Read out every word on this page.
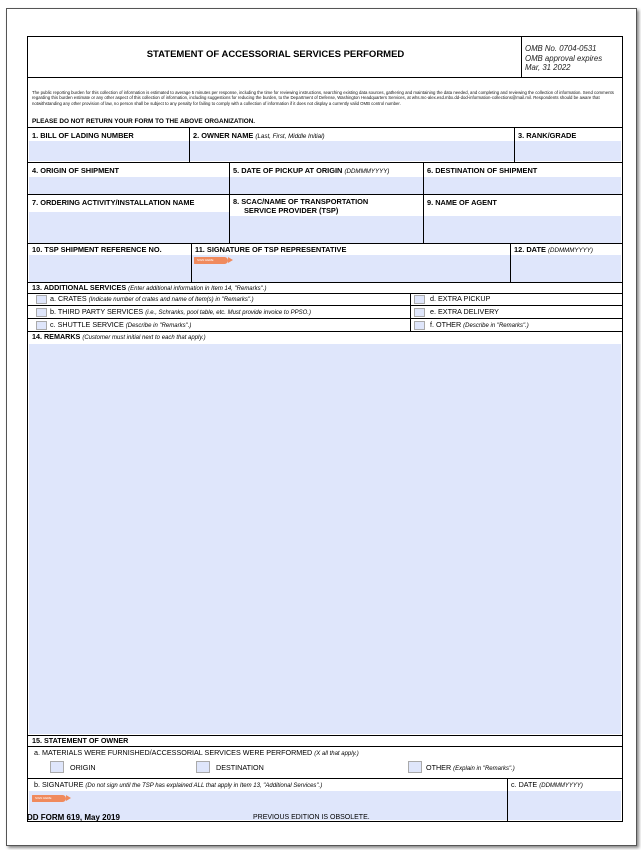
STATEMENT OF ACCESSORIAL SERVICES PERFORMED
OMB No. 0704-0531
OMB approval expires
Mar, 31 2022
The public reporting burden for this collection of information is estimated to average 5 minutes per response, including the time for reviewing instructions, searching existing data sources, gathering and maintaining the data needed, and completing and reviewing the collection of information. Send comments regarding this burden estimate or any other aspect of this collection of information, including suggestions for reducing the burden, to the Department of Defense, Washington Headquarters Services, at whs.mc-alex.esd.mbx.dd-dod-information-collections@mail.mil. Respondents should be aware that notwithstanding any other provision of law, no person shall be subject to any penalty for failing to comply with a collection of information if it does not display a currently valid OMB control number.
PLEASE DO NOT RETURN YOUR FORM TO THE ABOVE ORGANIZATION.
1. BILL OF LADING NUMBER	2. OWNER NAME (Last, First, Middle Initial)	3. RANK/GRADE
4. ORIGIN OF SHIPMENT	5. DATE OF PICKUP AT ORIGIN (DDMMMYYYY)	6. DESTINATION OF SHIPMENT
7. ORDERING ACTIVITY/INSTALLATION NAME	8. SCAC/NAME OF TRANSPORTATION
SERVICE PROVIDER (TSP)
9. NAME OF AGENT
10. TSP SHIPMENT REFERENCE NO.	11. SIGNATURE OF TSP REPRESENTATIVE
SIGN HERE
12. DATE (DDMMMYYYY)
13. ADDITIONAL SERVICES (Enter additional information in Item 14, "Remarks".)
a. CRATES (Indicate number of crates and name of Item(s) in "Remarks".)	d. EXTRA PICKUP
b. THIRD PARTY SERVICES (i.e., Schranks, pool table, etc. Must provide invoice to PPSO.)	e. EXTRA DELIVERY
c. SHUTTLE SERVICE (Describe in "Remarks".)	f. OTHER (Describe in "Remarks".)
14. REMARKS (Customer must initial next to each that apply.)
15. STATEMENT OF OWNER
a. MATERIALS WERE FURNISHED/ACCESSORIAL SERVICES WERE PERFORMED (X all that apply.)
ORIGIN	DESTINATION	OTHER (Explain in "Remarks".)
b. SIGNATURE (Do not sign until the TSP has explained ALL that apply in Item 13, "Additional Services".)
SIGN HERE
c. DATE (DDMMMYYYY)
DD FORM 619, May 2019	PREVIOUS EDITION IS OBSOLETE.
